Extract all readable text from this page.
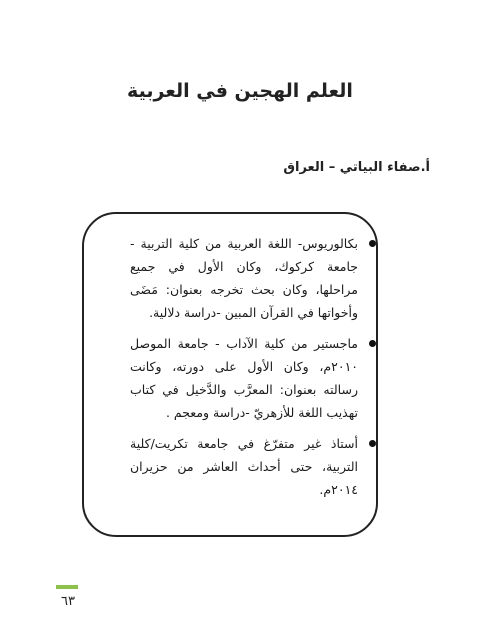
العلم الهجين في العربية
أ.صفاء البياتي – العراق
بكالوريوس- اللغة العربية من كلية التربية - جامعة كركوك، وكان الأول في جميع مراحلها، وكان بحث تخرجه بعنوان: مَضَى وأخواتها في القرآن المبين -دراسة دلالية.
ماجستير من كلية الآداب - جامعة الموصل ٢٠١٠م، وكان الأول على دورته، وكانت رسالته بعنوان: المعرَّب والدَّخيل في كتاب تهذيب اللغة للأزهريّ -دراسة ومعجم .
أستاذ غير متفرّغ في جامعة تكريت/كلية التربية، حتى أحداث العاشر من حزيران ٢٠١٤م.
٦٣
